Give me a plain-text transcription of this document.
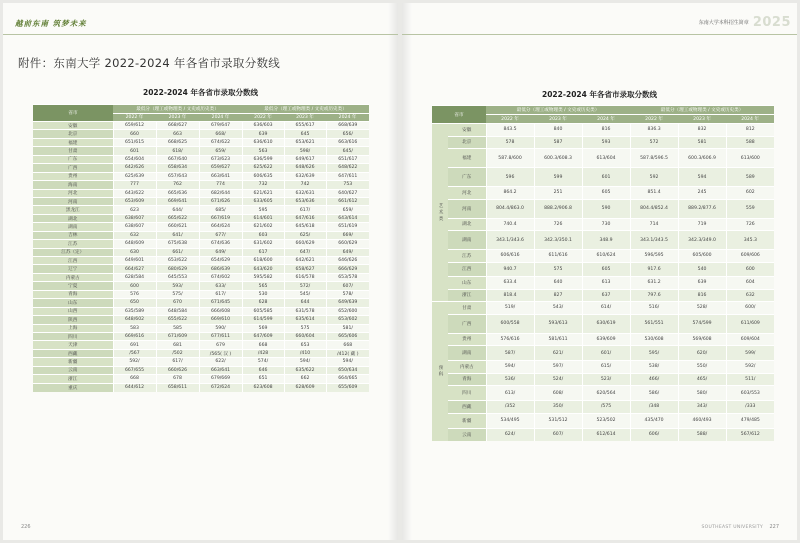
越前东南 筑梦未来
附件：东南大学 2022-2024 年各省市录取分数线
2022-2024 年各省市录取分数线
省市	最低分（理工或物理类 / 文史或历史类）			最低分（理工或物理类 / 文史或历史类）		
	2022 年	2023 年	2024 年	2022 年	2023 年	2024 年
安徽	659/612	668/627	679/647	636/603	655/617	668/639
北京	660	663	668/	639	645	656/
福建	651/615	668/625	674/622	636/610	653/621	663/616
甘肃	601	618/	659/	563	598/	645/
广东	654/604	667/640	673/623	636/599	649/617	651/617
广西	642/626	658/634	659/627	625/622	648/626	648/622
贵州	625/639	657/643	663/641	606/635	632/639	647/611
海南	777	762	774	732	742	753
河北	643/622	665/636	682/644	621/621	632/631	640/627
河南	653/609	669/641	671/626	633/605	653/636	661/612
黑龙江	623	644/	685/	595	617/	659/
湖北	638/607	665/622	667/619	614/601	647/616	643/614
湖南	638/607	660/621	664/624	621/602	645/618	651/619
吉林	632	641/	677/	603	625/	669/
江苏	648/609	675/638	674/636	631/602	660/629	660/629
江苏（定）	630	661/	649/	617	647/	649/
江西	649/601	653/622	654/629	618/600	642/621	646/626
辽宁	664/627	680/629	686/639	643/620	658/627	666/629
内蒙古	628/584	645/553	674/602	595/582	616/578	653/578
宁夏	600	593/	633/	565	572/	607/
青海	576	575/	617/	530	545/	578/
山东	650	670	671/645	628	644	649/639
山西	635/589	648/584	666/608	605/585	631/578	652/600
陕西	648/602	655/622	669/610	614/599	635/614	653/602
上海	583	585	590/	569	575	581/
四川	669/616	671/609	677/611	647/609	660/604	665/606
天津	691	681	679	668	653	668
西藏	/567	/502	/565( 汉 )	/428	/410	/412( 藏 )
新疆	592/	617/	622/	574/	594/	594/
云南	667/655	660/626	663/641	646	635/622	650/634
浙江	668	678	679/669	651	662	664/665
重庆	644/612	658/611	672/624	623/608	628/609	655/609
226
东南大学本科招生简章 2025
2022-2024 年各省市录取分数线
省市		最低分（理工或物理类 / 文史或历史类）			最低分（理工或物理类 / 文史或历史类）		
		2022 年	2023 年	2024 年	2022 年	2023 年	2024 年
艺术类	安徽	843.5	840	816	836.3	832	812
	北京	578	587	593	572	581	588
	福建	587.8/600	600.3/608.3	613/604	587.8/596.5	600.3/606.9	613/600
	广东	596	599	601	592	594	589
	河北	864.2	251	605	851.4	245	602
	河南	804.4/863.0	888.2/906.8	590	804.4/852.4	889.2/877.6	559
	湖北	740.4	726	730	714	719	726
	湖南	343.1/343.6	342.3/350.1	348.9	343.1/343.5	342.3/349.0	345.3
	江苏	606/616	611/616	610/624	596/595	605/600	609/606
	江西	940.7	575	605	917.6	540	600
	山东	633.4	640	613	631.2	639	604
	浙江	818.4	827	637	797.6	816	632
预科	甘肃	519/	543/	614/	516/	528/	600/
	广西	600/558	593/613	630/619	561/551	574/599	611/609
	贵州	576/616	581/611	639/609	530/608	569/608	609/604
	湖南	587/	621/	601/	595/	620/	599/
	内蒙古	594/	597/	615/	538/	550/	592/
	青海	536/	524/	523/	466/	465/	511/
	四川	613/	608/	620/564	586/	580/	603/553
	西藏	/352	350/	/575	/348	343/	/333
	新疆	534/495	531/512	523/502	435/470	460/493	479/485
	云南	624/	607/	612/614	606/	588/	567/612
SOUTHEAST UNIVERSITY 227
